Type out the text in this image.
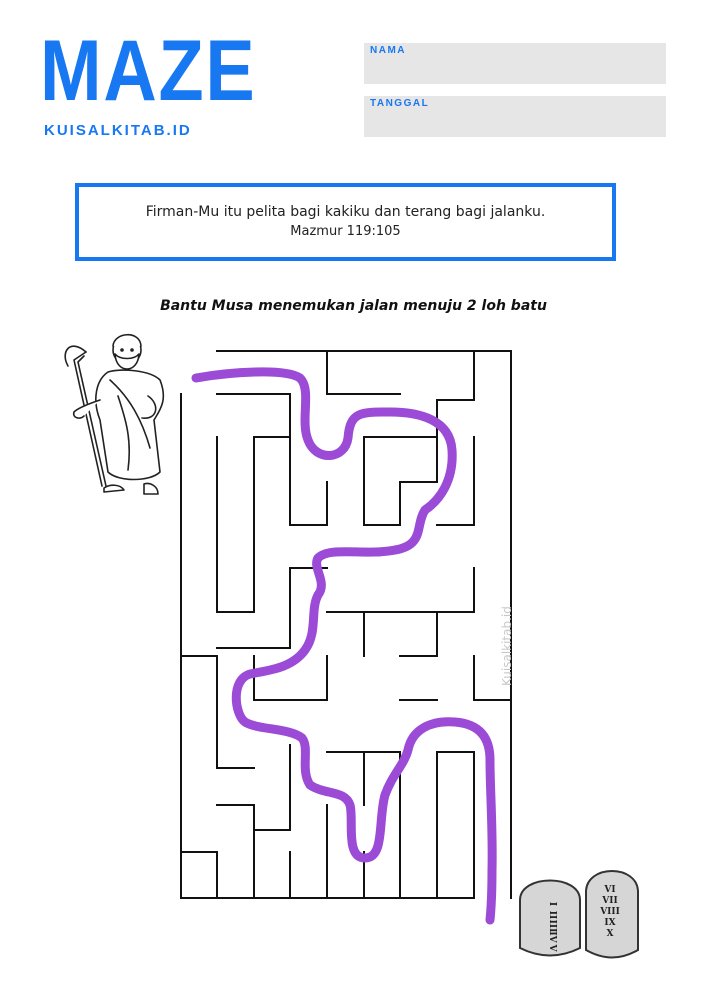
MAZE
KUISALKITAB.ID
NAMA
TANGGAL
Firman-Mu itu pelita bagi kakiku dan terang bagi jalanku.
Mazmur 119:105
Bantu Musa menemukan jalan menuju 2 loh batu
I
II
III
IV
V
VI
VII
VIII
IX
X
Kuisalkitab.id
